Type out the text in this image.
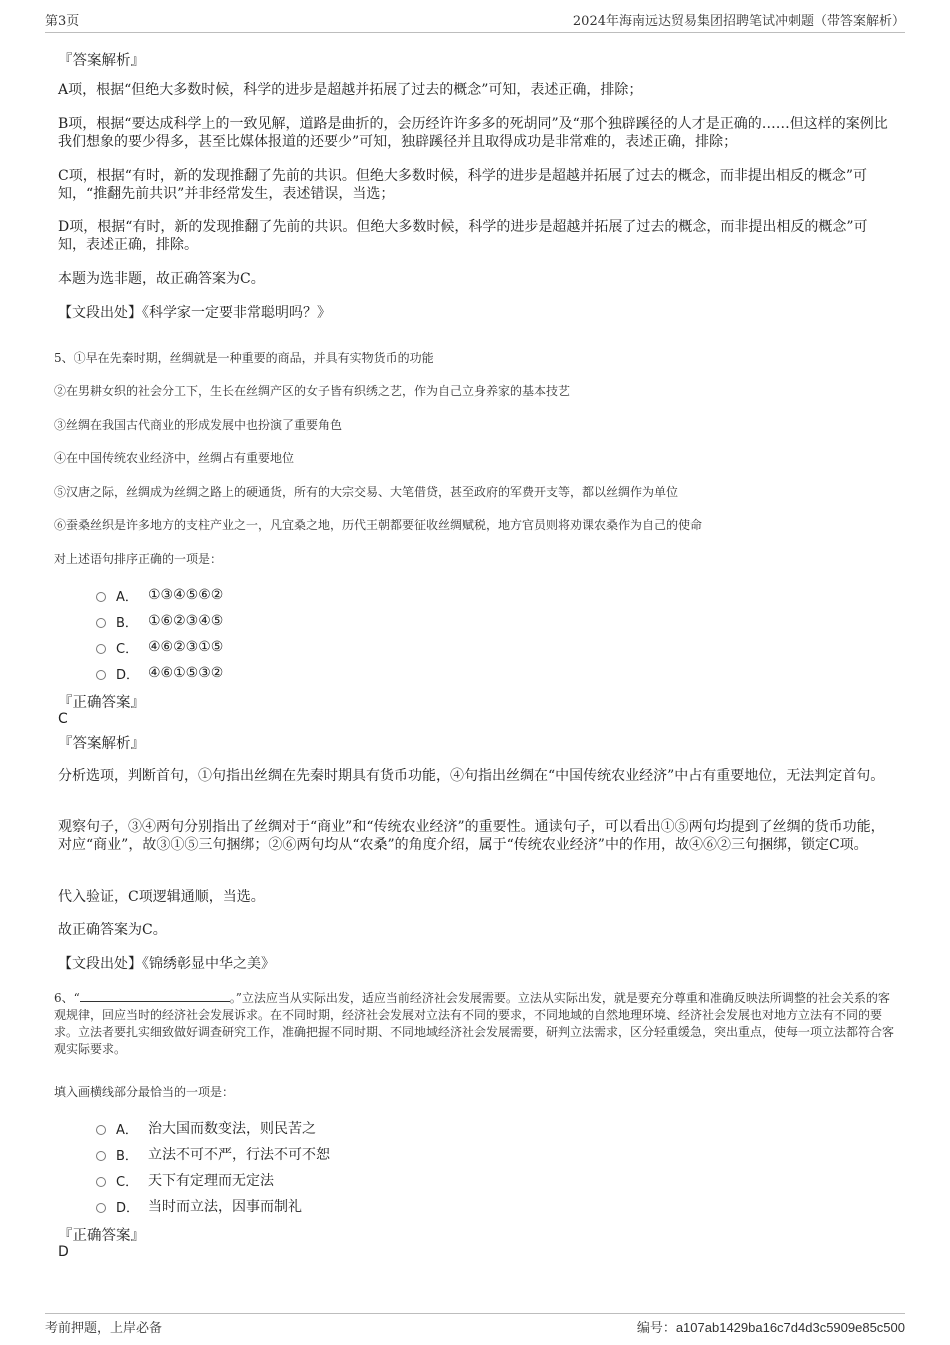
第3页	2024年海南远达贸易集团招聘笔试冲刺题（带答案解析）
『答案解析』
A项，根据“但绝大多数时候，科学的进步是超越并拓展了过去的概念”可知，表述正确，排除；
B项，根据“要达成科学上的一致见解，道路是曲折的，会历经许许多多的死胡同”及“那个独辟蹊径的人才是正确的……但这样的案例比我们想象的要少得多，甚至比媒体报道的还要少”可知，独辟蹊径并且取得成功是非常难的，表述正确，排除；
C项，根据“有时，新的发现推翻了先前的共识。但绝大多数时候，科学的进步是超越并拓展了过去的概念，而非提出相反的概念”可知，“推翻先前共识”并非经常发生，表述错误，当选；
D项，根据“有时，新的发现推翻了先前的共识。但绝大多数时候，科学的进步是超越并拓展了过去的概念，而非提出相反的概念”可知，表述正确，排除。
本题为选非题，故正确答案为C。
【文段出处】《科学家一定要非常聪明吗？》
5、①早在先秦时期，丝绸就是一种重要的商品，并具有实物货币的功能
②在男耕女织的社会分工下，生长在丝绸产区的女子皆有织绣之艺，作为自己立身养家的基本技艺
③丝绸在我国古代商业的形成发展中也扮演了重要角色
④在中国传统农业经济中，丝绸占有重要地位
⑤汉唐之际，丝绸成为丝绸之路上的硬通货，所有的大宗交易、大笔借贷，甚至政府的军费开支等，都以丝绸作为单位
⑥蚕桑丝织是许多地方的支柱产业之一，凡宜桑之地，历代王朝都要征收丝绸赋税，地方官员则将劝课农桑作为自己的使命
对上述语句排序正确的一项是：
A． ①③④⑤⑥②
B． ①⑥②③④⑤
C． ④⑥②③①⑤
D． ④⑥①⑤③②
『正确答案』
C
『答案解析』
分析选项，判断首句，①句指出丝绸在先秦时期具有货币功能，④句指出丝绸在“中国传统农业经济”中占有重要地位，无法判定首句。
观察句子，③④两句分别指出了丝绸对于“商业”和“传统农业经济”的重要性。通读句子，可以看出①⑤两句均提到了丝绸的货币功能，对应“商业”，故③①⑤三句捆绑；②⑥两句均从“农桑”的角度介绍，属于“传统农业经济”中的作用，故④⑥②三句捆绑，锁定C项。
代入验证，C项逻辑通顺，当选。
故正确答案为C。
【文段出处】《锦绣彰显中华之美》
6、“	。”立法应当从实际出发，适应当前经济社会发展需要。立法从实际出发，就是要充分尊重和准确反映法所调整的社会关系的客观规律，回应当时的经济社会发展诉求。在不同时期，经济社会发展对立法有不同的要求，不同地域的自然地理环境、经济社会发展也对地方立法有不同的要求。立法者要扎实细致做好调查研究工作，准确把握不同时期、不同地域经济社会发展需要，研判立法需求，区分轻重缓急，突出重点，使每一项立法都符合客观实际要求。
填入画横线部分最恰当的一项是：
A． 治大国而数变法，则民苦之
B． 立法不可不严，行法不可不恕
C． 天下有定理而无定法
D． 当时而立法，因事而制礼
『正确答案』
D
考前押题，上岸必备	编号：a107ab1429ba16c7d4d3c5909e85c500
